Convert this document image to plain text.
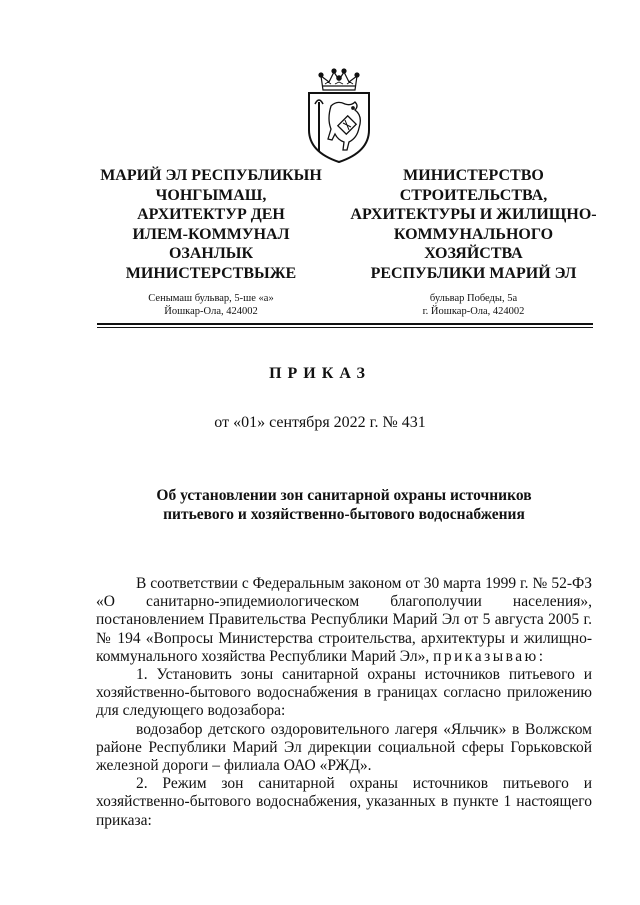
МАРИЙ ЭЛ РЕСПУБЛИКЫН
ЧОНГЫМАШ,
АРХИТЕКТУР ДЕН
ИЛЕМ-КОММУНАЛ
ОЗАНЛЫК
МИНИСТЕРСТВЫЖЕ
МИНИСТЕРСТВО
СТРОИТЕЛЬСТВА,
АРХИТЕКТУРЫ И ЖИЛИЩНО-
КОММУНАЛЬНОГО
ХОЗЯЙСТВА
РЕСПУБЛИКИ МАРИЙ ЭЛ
Сенымаш бульвар, 5-ше «а»
Йошкар-Ола, 424002
бульвар Победы, 5а
г. Йошкар-Ола, 424002
ПРИКАЗ
от «01» сентября 2022 г. № 431
Об установлении зон санитарной охраны источников
питьевого и хозяйственно-бытового водоснабжения

В соответствии с Федеральным законом от 30 марта 1999 г. № 52-ФЗ «О санитарно-эпидемиологическом благополучии населения», постановлением Правительства Республики Марий Эл от 5 августа 2005 г. № 194 «Вопросы Министерства строительства, архитектуры и жилищно-коммунального хозяйства Республики Марий Эл», приказываю:

1. Установить зоны санитарной охраны источников питьевого и хозяйственно-бытового водоснабжения в границах согласно приложению для следующего водозабора:

водозабор детского оздоровительного лагеря «Яльчик» в Волжском районе Республики Марий Эл дирекции социальной сферы Горьковской железной дороги – филиала ОАО «РЖД».

2. Режим зон санитарной охраны источников питьевого и хозяйственно-бытового водоснабжения, указанных в пункте 1 настоящего приказа:
